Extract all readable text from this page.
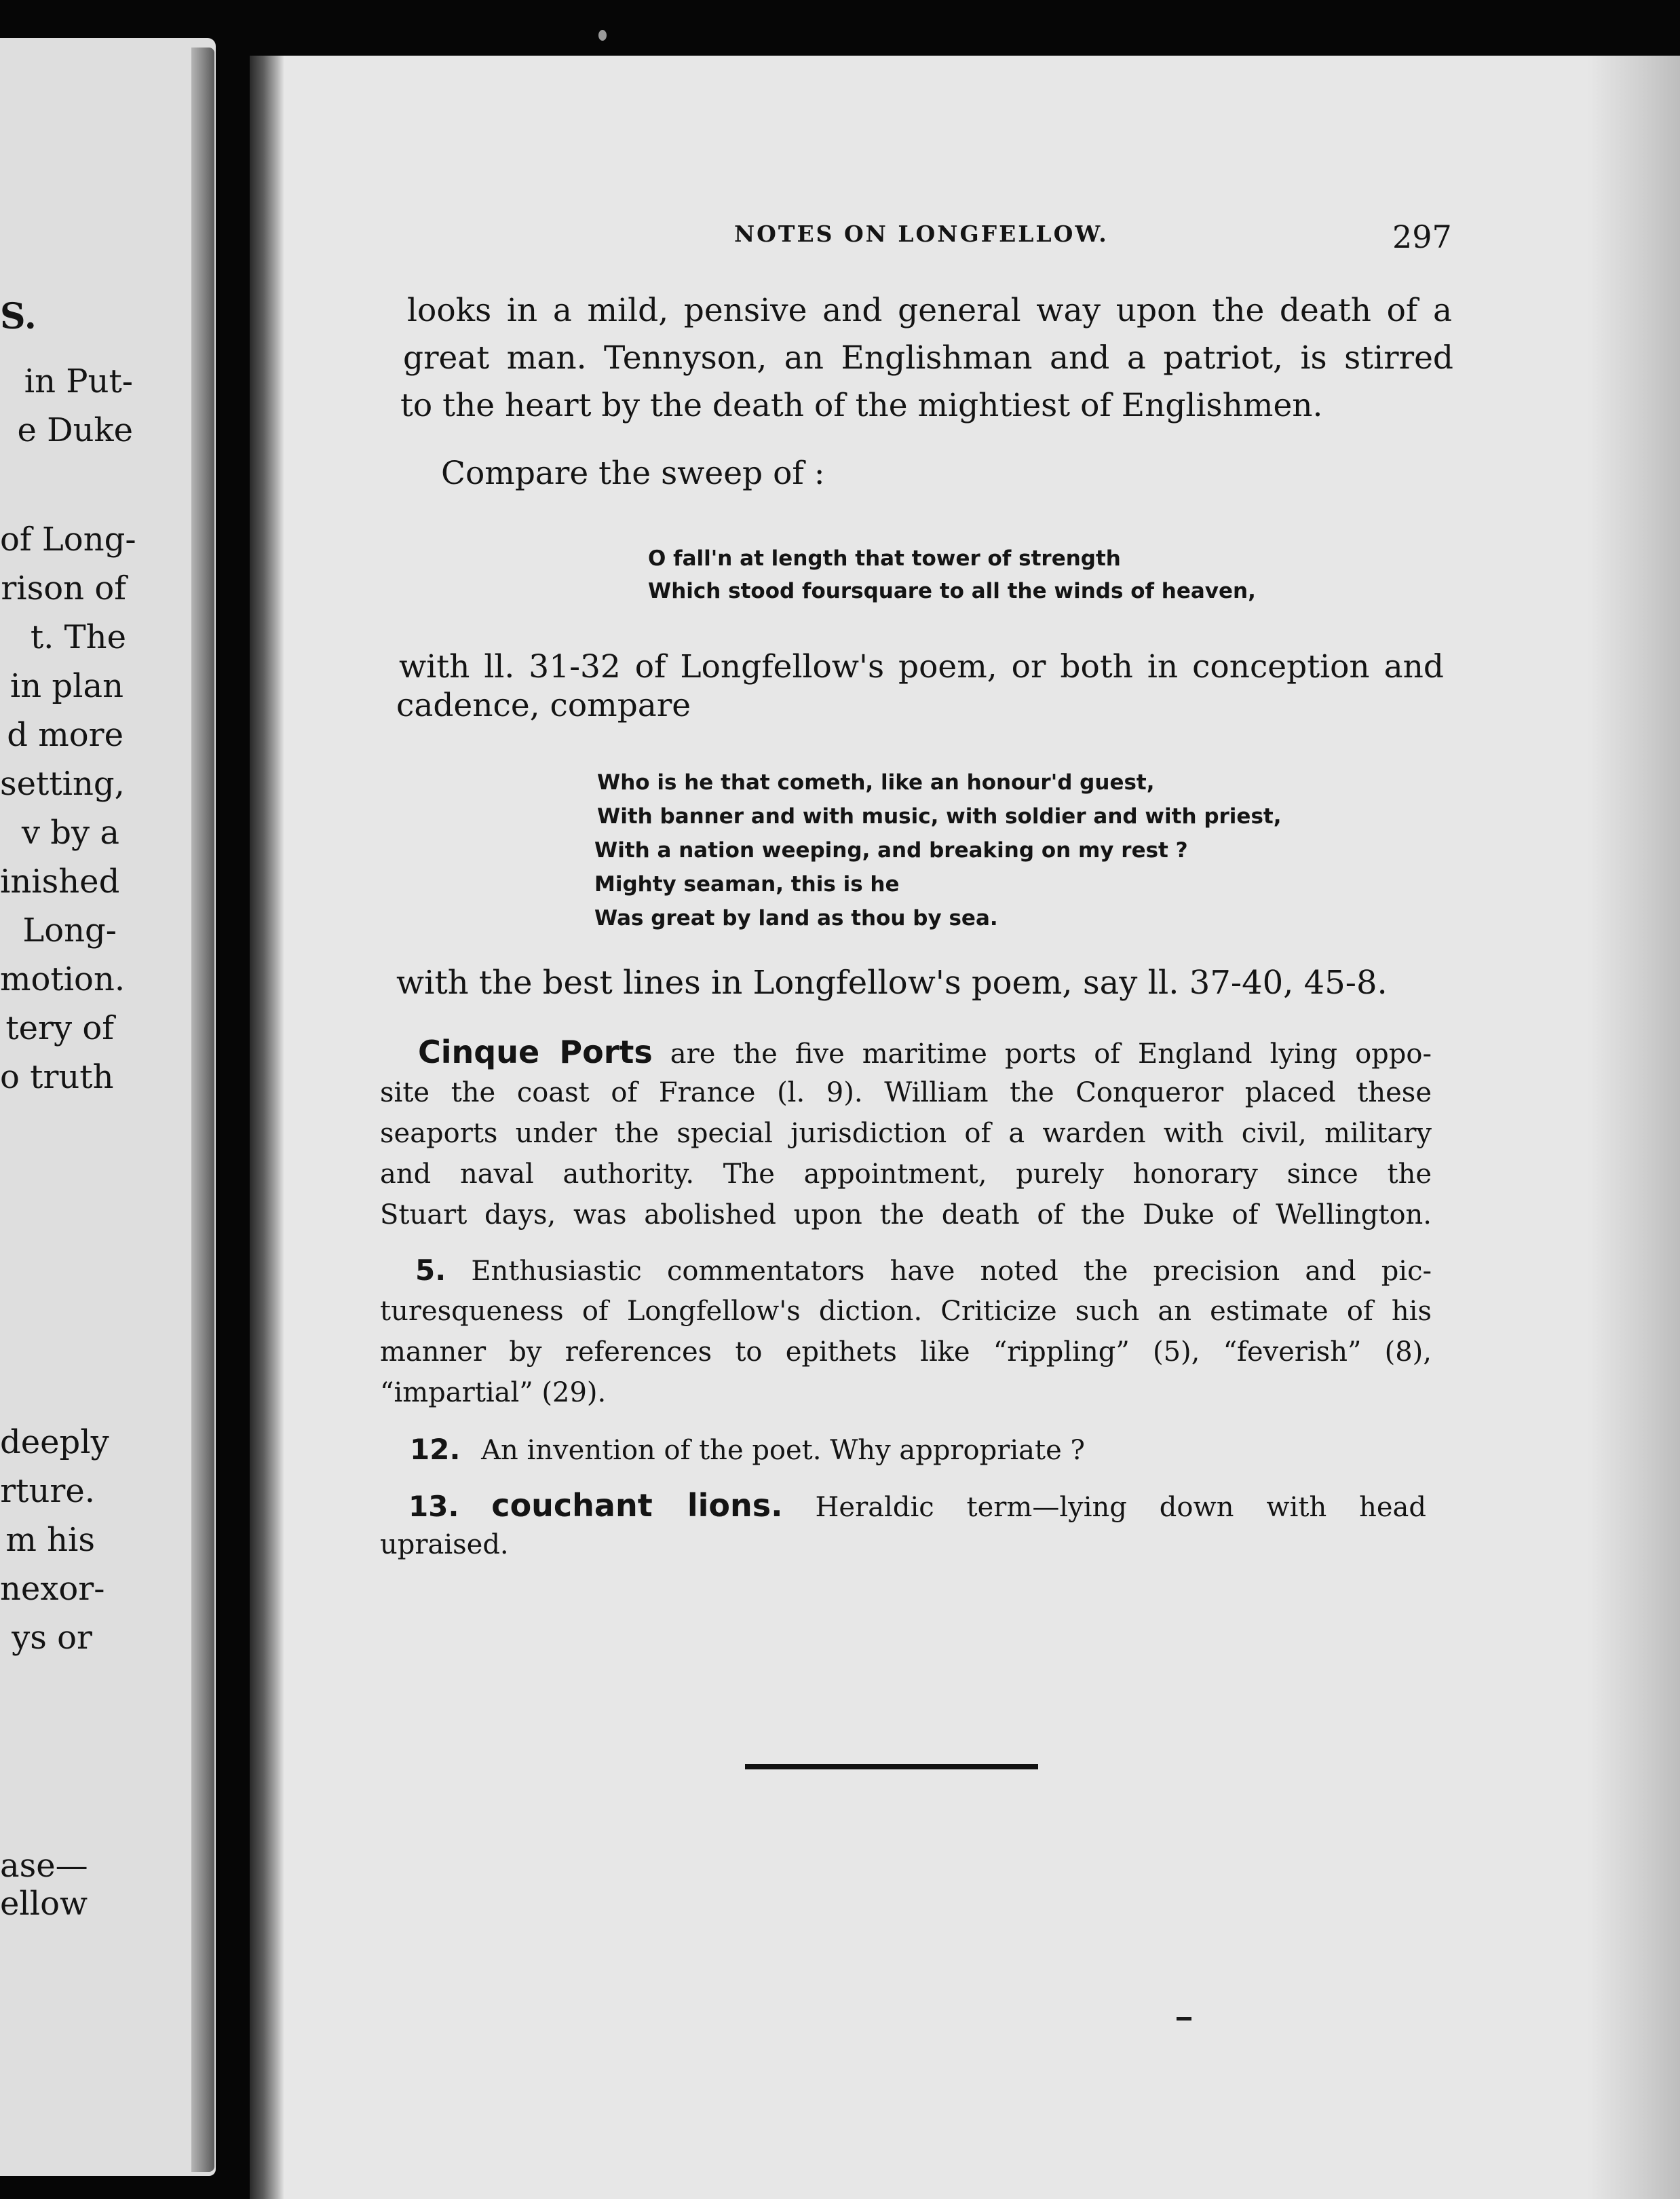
S.
in Put-
e Duke
of Long-
rison of
t. The
in plan
d more
setting,
v by a
inished
Long-
motion.
tery of
o truth
deeply
rture.
m his
nexor-
ys or
ase—
ellow
NOTES ON LONGFELLOW.	297
looks in a mild, pensive and general way upon the death of a
great man. Tennyson, an Englishman and a patriot, is stirred
to the heart by the death of the mightiest of Englishmen.
Compare the sweep of :
O fall'n at length that tower of strength
Which stood foursquare to all the winds of heaven,
with ll. 31-32 of Longfellow's poem, or both in conception and
cadence, compare
Who is he that cometh, like an honour'd guest,
With banner and with music, with soldier and with priest,
With a nation weeping, and breaking on my rest ?
Mighty seaman, this is he
Was great by land as thou by sea.
with the best lines in Longfellow's poem, say ll. 37-40, 45-8.
Cinque Ports are the five maritime ports of England lying oppo-
site the coast of France (l. 9). William the Conqueror placed these
seaports under the special jurisdiction of a warden with civil, military
and naval authority. The appointment, purely honorary since the
Stuart days, was abolished upon the death of the Duke of Wellington.
5. Enthusiastic commentators have noted the precision and pic-
turesqueness of Longfellow's diction. Criticize such an estimate of his
manner by references to epithets like “rippling” (5), “feverish” (8),
“impartial” (29).
12. An invention of the poet. Why appropriate ?
13. couchant lions. Heraldic term—lying down with head
upraised.
